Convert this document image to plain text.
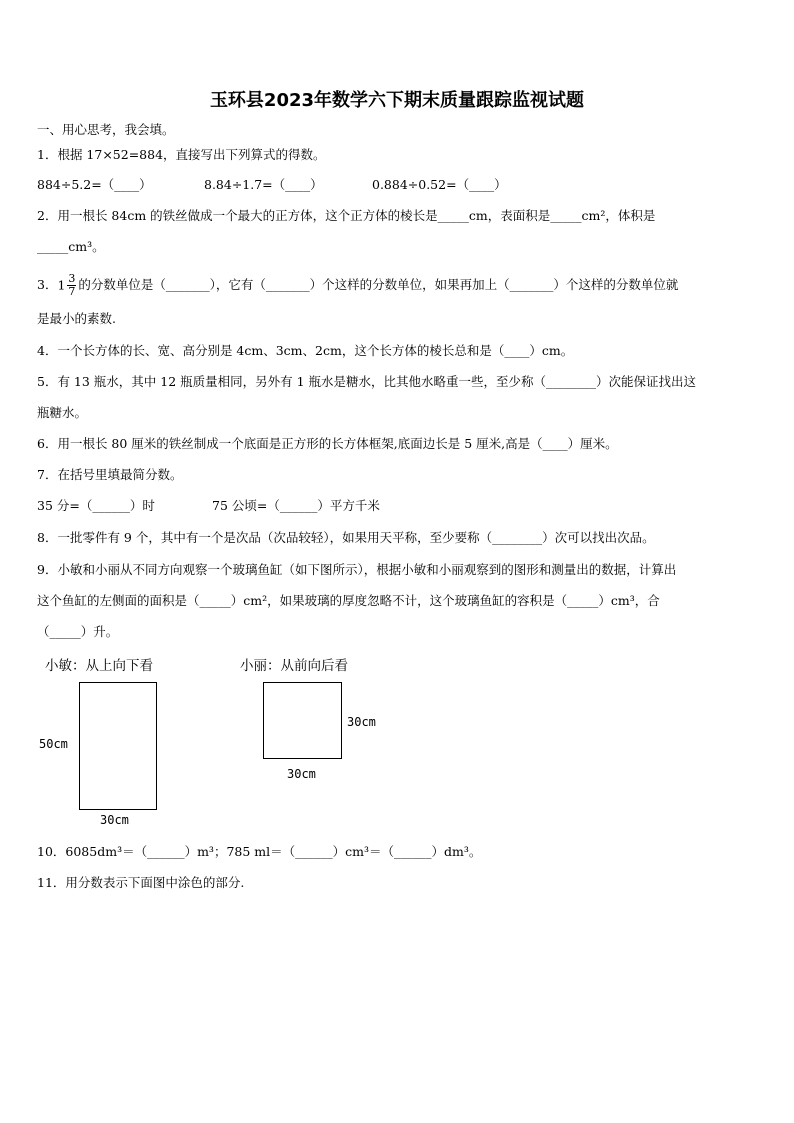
玉环县2023年数学六下期末质量跟踪监视试题
一、用心思考，我会填。
1．根据 17×52=884，直接写出下列算式的得数。
884÷5.2=（____）	8.84÷1.7=（____）	0.884÷0.52=（____）
2．用一根长 84cm 的铁丝做成一个最大的正方体，这个正方体的棱长是_____cm，表面积是_____cm²，体积是
_____cm³。
3．$1 \frac{3}{7}$ 的分数单位是（_______），它有（_______）个这样的分数单位，如果再加上（_______）个这样的分数单位就
是最小的素数.
4．一个长方体的长、宽、高分别是 4cm、3cm、2cm，这个长方体的棱长总和是（____）cm。
5．有 13 瓶水，其中 12 瓶质量相同，另外有 1 瓶水是糖水，比其他水略重一些，至少称（________）次能保证找出这
瓶糖水。
6．用一根长 80 厘米的铁丝制成一个底面是正方形的长方体框架,底面边长是 5 厘米,高是（____）厘米。
7．在括号里填最简分数。
35 分=（______）时	75 公顷=（______）平方千米
8．一批零件有 9 个，其中有一个是次品（次品较轻），如果用天平称，至少要称（________）次可以找出次品。
9．小敏和小丽从不同方向观察一个玻璃鱼缸（如下图所示），根据小敏和小丽观察到的图形和测量出的数据，计算出
这个鱼缸的左侧面的面积是（_____）cm²，如果玻璃的厚度忽略不计，这个玻璃鱼缸的容积是（_____）cm³，合
（_____）升。
小敏：从上向下看	小丽：从前向后看
50cm
30cm
30cm
30cm
10．6085dm³＝（______）m³；785 ml＝（______）cm³＝（______）dm³。
11．用分数表示下面图中涂色的部分.
